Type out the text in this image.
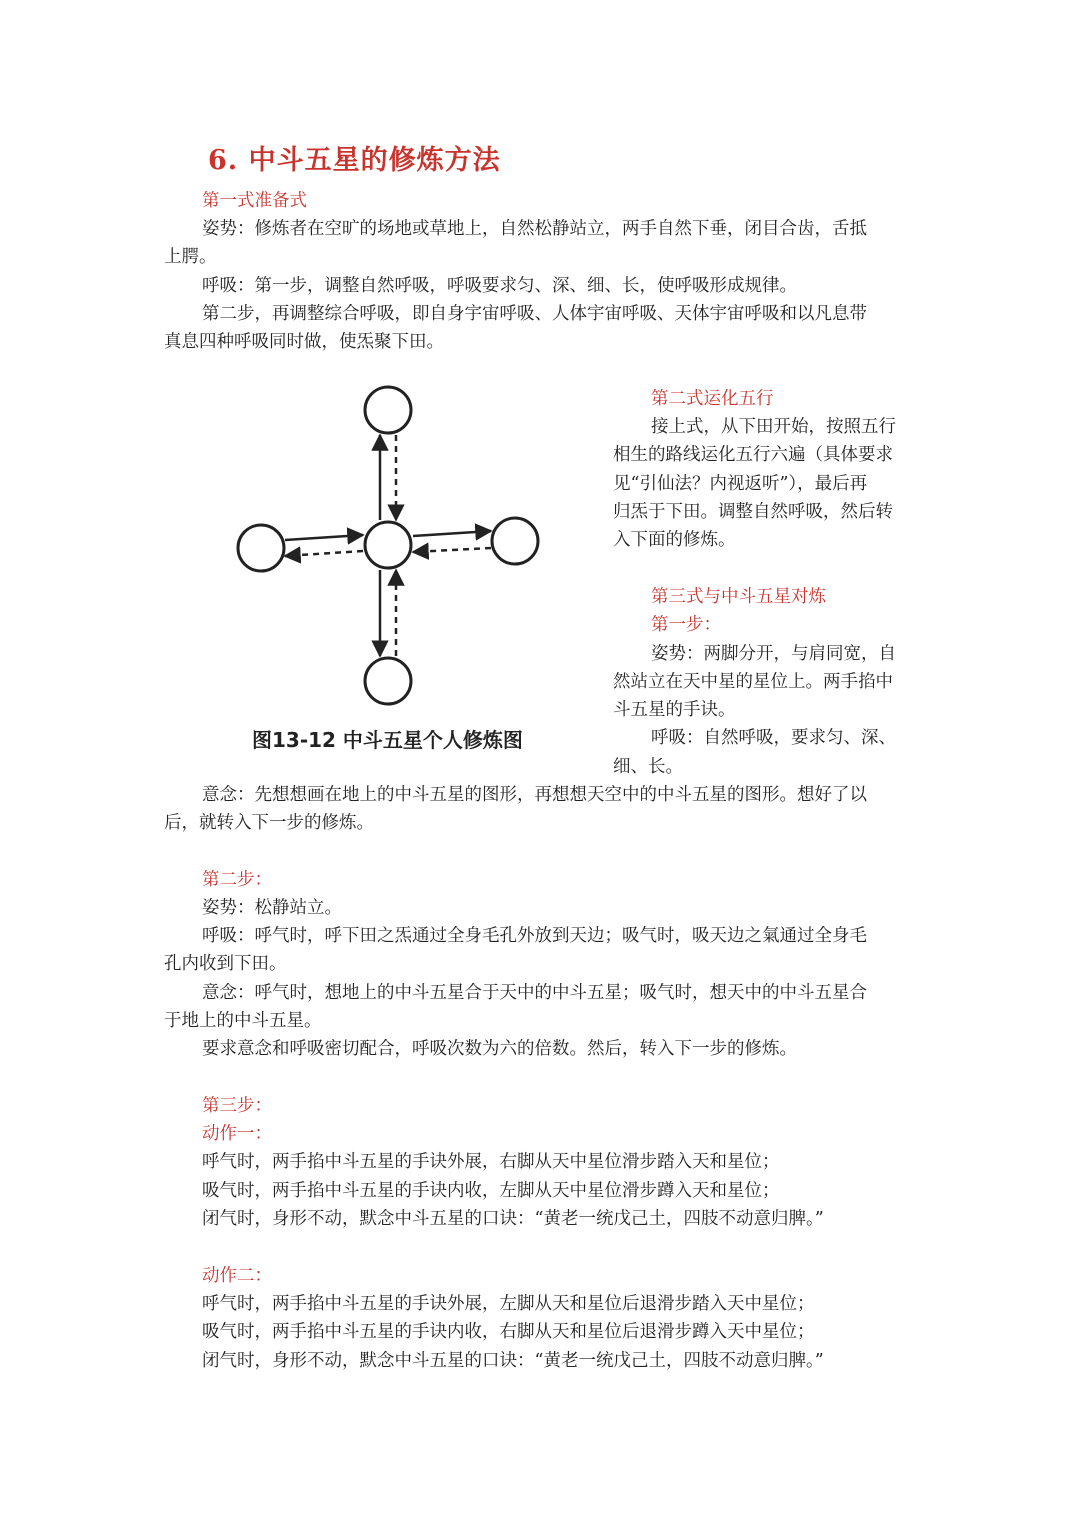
6. 中斗五星的修炼方法
第一式准备式
姿势：修炼者在空旷的场地或草地上，自然松静站立，两手自然下垂，闭目合齿，舌抵
上腭。
呼吸：第一步，调整自然呼吸，呼吸要求匀、深、细、长，使呼吸形成规律。
第二步，再调整综合呼吸，即自身宇宙呼吸、人体宇宙呼吸、天体宇宙呼吸和以凡息带
真息四种呼吸同时做，使炁聚下田。
图13-12 中斗五星个人修炼图
第二式运化五行
接上式，从下田开始，按照五行
相生的路线运化五行六遍（具体要求
见“引仙法？内视返听”），最后再
归炁于下田。调整自然呼吸，然后转
入下面的修炼。
第三式与中斗五星对炼
第一步：
姿势：两脚分开，与肩同宽，自
然站立在天中星的星位上。两手掐中
斗五星的手诀。
呼吸：自然呼吸，要求匀、深、
细、长。
意念：先想想画在地上的中斗五星的图形，再想想天空中的中斗五星的图形。想好了以
后，就转入下一步的修炼。
第二步：
姿势：松静站立。
呼吸：呼气时，呼下田之炁通过全身毛孔外放到天边；吸气时，吸天边之氣通过全身毛
孔内收到下田。
意念：呼气时，想地上的中斗五星合于天中的中斗五星；吸气时，想天中的中斗五星合
于地上的中斗五星。
要求意念和呼吸密切配合，呼吸次数为六的倍数。然后，转入下一步的修炼。
第三步：
动作一：
呼气时，两手掐中斗五星的手诀外展，右脚从天中星位滑步踏入天和星位；
吸气时，两手掐中斗五星的手诀内收，左脚从天中星位滑步蹲入天和星位；
闭气时，身形不动，默念中斗五星的口诀：“黄老一统戊己土，四肢不动意归脾。”
动作二：
呼气时，两手掐中斗五星的手诀外展，左脚从天和星位后退滑步踏入天中星位；
吸气时，两手掐中斗五星的手诀内收，右脚从天和星位后退滑步蹲入天中星位；
闭气时，身形不动，默念中斗五星的口诀：“黄老一统戊己土，四肢不动意归脾。”
